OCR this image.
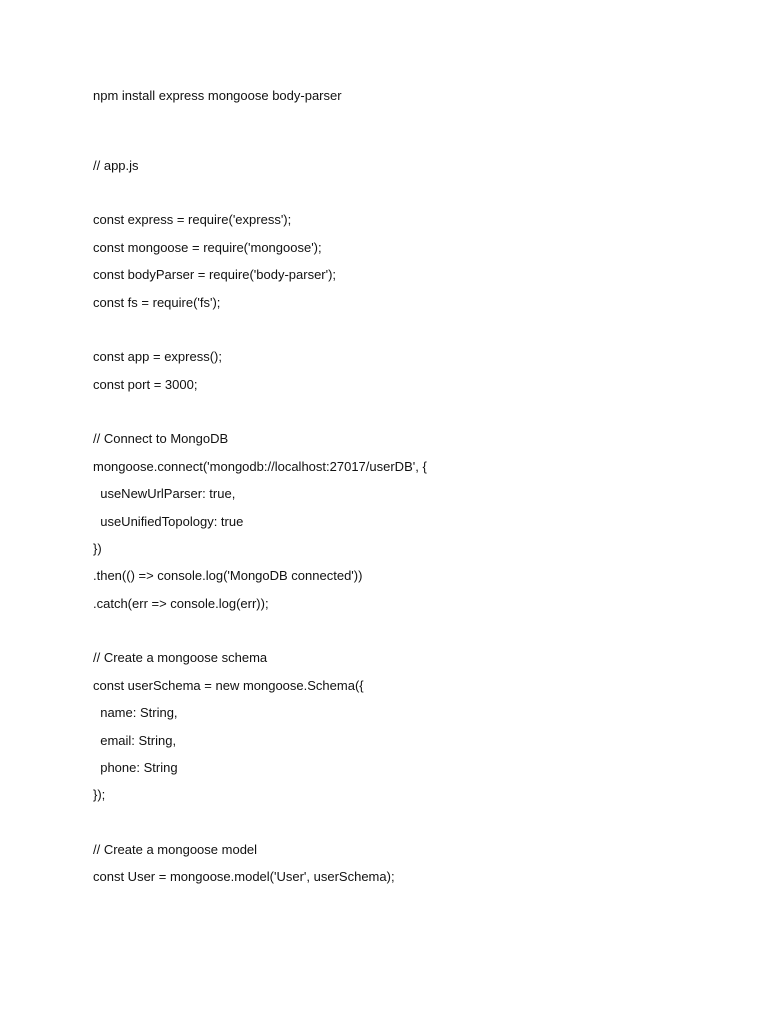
npm install express mongoose body-parser
// app.js
const express = require('express');
const mongoose = require('mongoose');
const bodyParser = require('body-parser');
const fs = require('fs');
const app = express();
const port = 3000;
// Connect to MongoDB
mongoose.connect('mongodb://localhost:27017/userDB', {
useNewUrlParser: true,
useUnifiedTopology: true
})
.then(() => console.log('MongoDB connected'))
.catch(err => console.log(err));
// Create a mongoose schema
const userSchema = new mongoose.Schema({
name: String,
email: String,
phone: String
});
// Create a mongoose model
const User = mongoose.model('User', userSchema);
